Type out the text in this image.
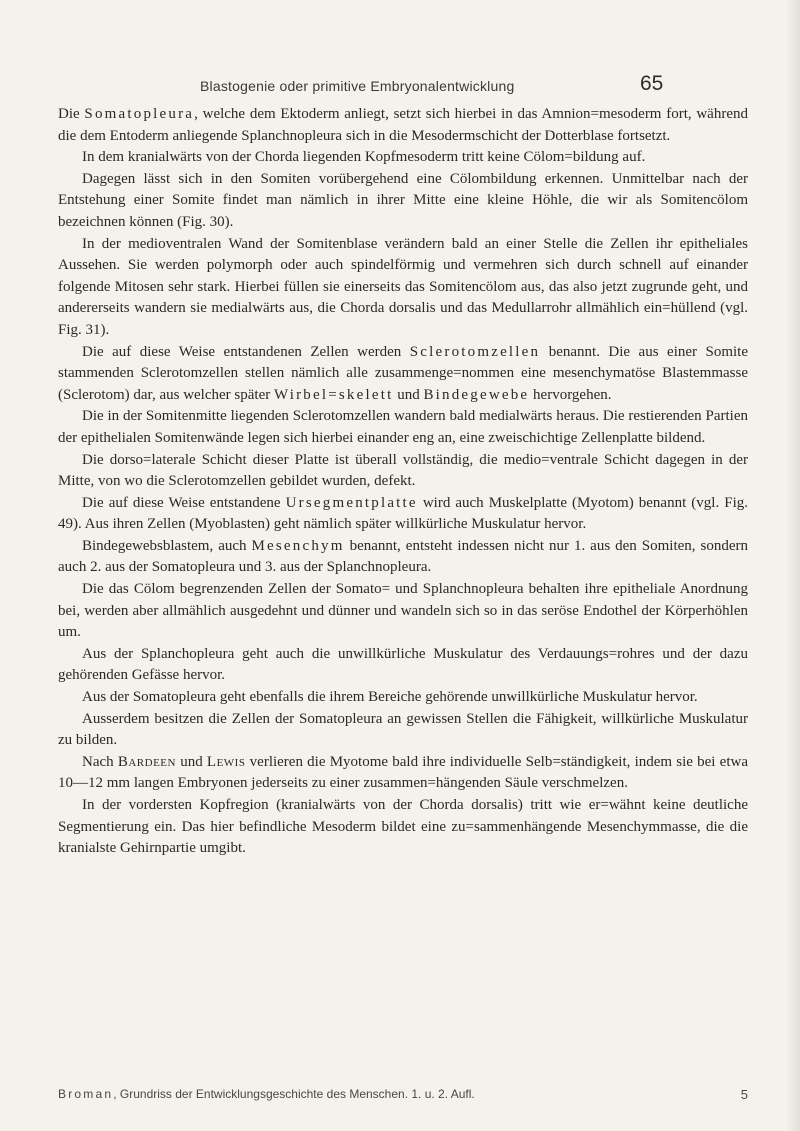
Blastogenie oder primitive Embryonalentwicklung	65

Die Somatopleura, welche dem Ektoderm anliegt, setzt sich hierbei in das Amnion=mesoderm fort, während die dem Entoderm anliegende Splanchnopleura sich in die Mesodermschicht der Dotterblase fortsetzt.

In dem kranialwärts von der Chorda liegenden Kopfmesoderm tritt keine Cölom=bildung auf.

Dagegen lässt sich in den Somiten vorübergehend eine Cölombildung erkennen. Unmittelbar nach der Entstehung einer Somite findet man nämlich in ihrer Mitte eine kleine Höhle, die wir als Somitencölom bezeichnen können (Fig. 30).

In der medioventralen Wand der Somitenblase verändern bald an einer Stelle die Zellen ihr epitheliales Aussehen. Sie werden polymorph oder auch spindelförmig und vermehren sich durch schnell auf einander folgende Mitosen sehr stark. Hierbei füllen sie einerseits das Somitencölom aus, das also jetzt zugrunde geht, und andererseits wandern sie medialwärts aus, die Chorda dorsalis und das Medullarrohr allmählich ein=hüllend (vgl. Fig. 31).

Die auf diese Weise entstandenen Zellen werden Sclerotomzellen benannt. Die aus einer Somite stammenden Sclerotomzellen stellen nämlich alle zusammenge=nommen eine mesenchymatöse Blastemmasse (Sclerotom) dar, aus welcher später Wirbel=skelett und Bindegewebe hervorgehen.

Die in der Somitenmitte liegenden Sclerotomzellen wandern bald medialwärts heraus. Die restierenden Partien der epithelialen Somitenwände legen sich hierbei einander eng an, eine zweischichtige Zellenplatte bildend.

Die dorso=laterale Schicht dieser Platte ist überall vollständig, die medio=ventrale Schicht dagegen in der Mitte, von wo die Sclerotomzellen gebildet wurden, defekt.

Die auf diese Weise entstandene Ursegmentplatte wird auch Muskelplatte (Myotom) benannt (vgl. Fig. 49). Aus ihren Zellen (Myoblasten) geht nämlich später willkürliche Muskulatur hervor.

Bindegewebsblastem, auch Mesenchym benannt, entsteht indessen nicht nur 1. aus den Somiten, sondern auch 2. aus der Somatopleura und 3. aus der Splanchnopleura.

Die das Cölom begrenzenden Zellen der Somato= und Splanchnopleura behalten ihre epitheliale Anordnung bei, werden aber allmählich ausgedehnt und dünner und wandeln sich so in das seröse Endothel der Körperhöhlen um.

Aus der Splanchopleura geht auch die unwillkürliche Muskulatur des Verdauungs=rohres und der dazu gehörenden Gefässe hervor.

Aus der Somatopleura geht ebenfalls die ihrem Bereiche gehörende unwillkürliche Muskulatur hervor.

Ausserdem besitzen die Zellen der Somatopleura an gewissen Stellen die Fähigkeit, willkürliche Muskulatur zu bilden.

Nach Bardeen und Lewis verlieren die Myotome bald ihre individuelle Selb=ständigkeit, indem sie bei etwa 10—12 mm langen Embryonen jederseits zu einer zusammen=hängenden Säule verschmelzen.

In der vordersten Kopfregion (kranialwärts von der Chorda dorsalis) tritt wie er=wähnt keine deutliche Segmentierung ein. Das hier befindliche Mesoderm bildet eine zu=sammenhängende Mesenchymmasse, die die kranialste Gehirnpartie umgibt.

Broman, Grundriss der Entwicklungsgeschichte des Menschen. 1. u. 2. Aufl.	5
